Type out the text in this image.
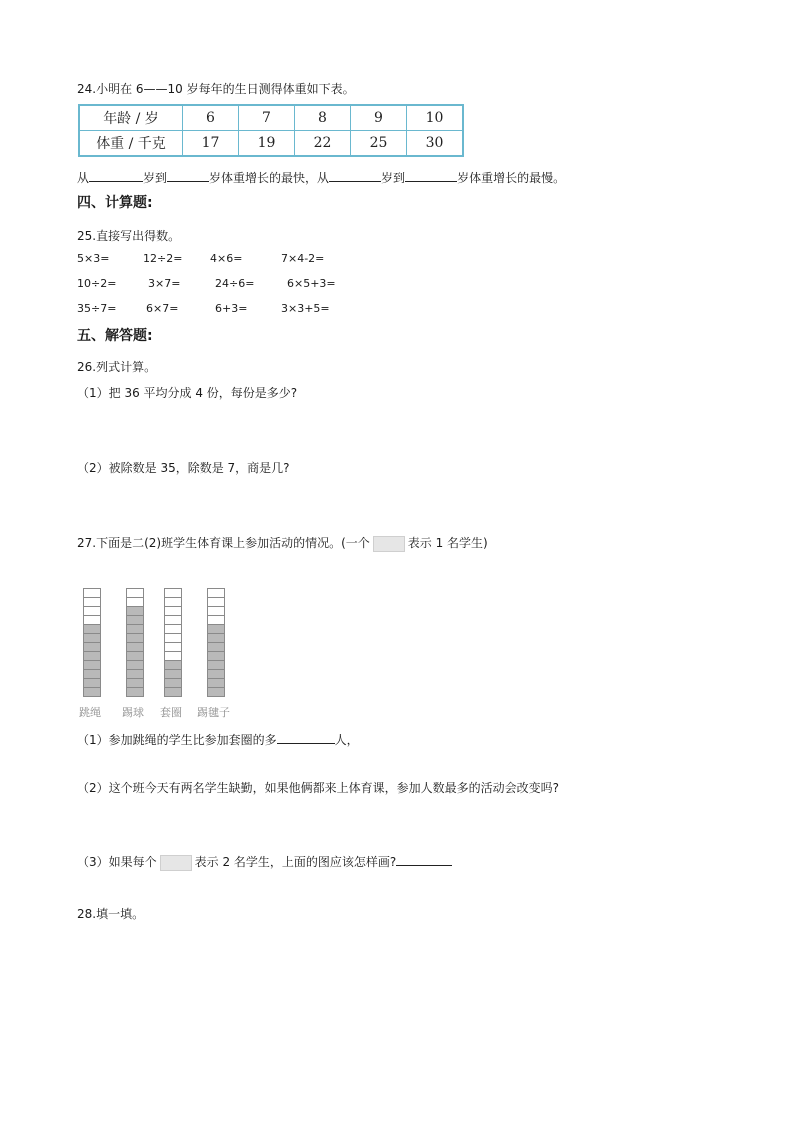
24.小明在 6——10 岁每年的生日测得体重如下表。
年龄 / 岁	6	7	8	9	10
体重 / 千克	17	19	22	25	30
从	岁到	岁体重增长的最快，从	岁到	岁体重增长的最慢。
四、计算题:
25.直接写出得数。
5×3=	12÷2=	4×6=	7×4-2=
10÷2=	3×7=	24÷6=	6×5+3=
35÷7=	6×7=	6+3=	3×3+5=
五、解答题:
26.列式计算。
（1）把 36 平均分成 4 份，每份是多少?
（2）被除数是 35，除数是 7，商是几?
27.下面是二(2)班学生体育课上参加活动的情况。(一个	表示 1 名学生)
跳绳 踢球 套圈 踢毽子
（1）参加跳绳的学生比参加套圈的多	人，
（2）这个班今天有两名学生缺勤，如果他俩都来上体育课，参加人数最多的活动会改变吗?
（3）如果每个	表示 2 名学生，上面的图应该怎样画?
28.填一填。
